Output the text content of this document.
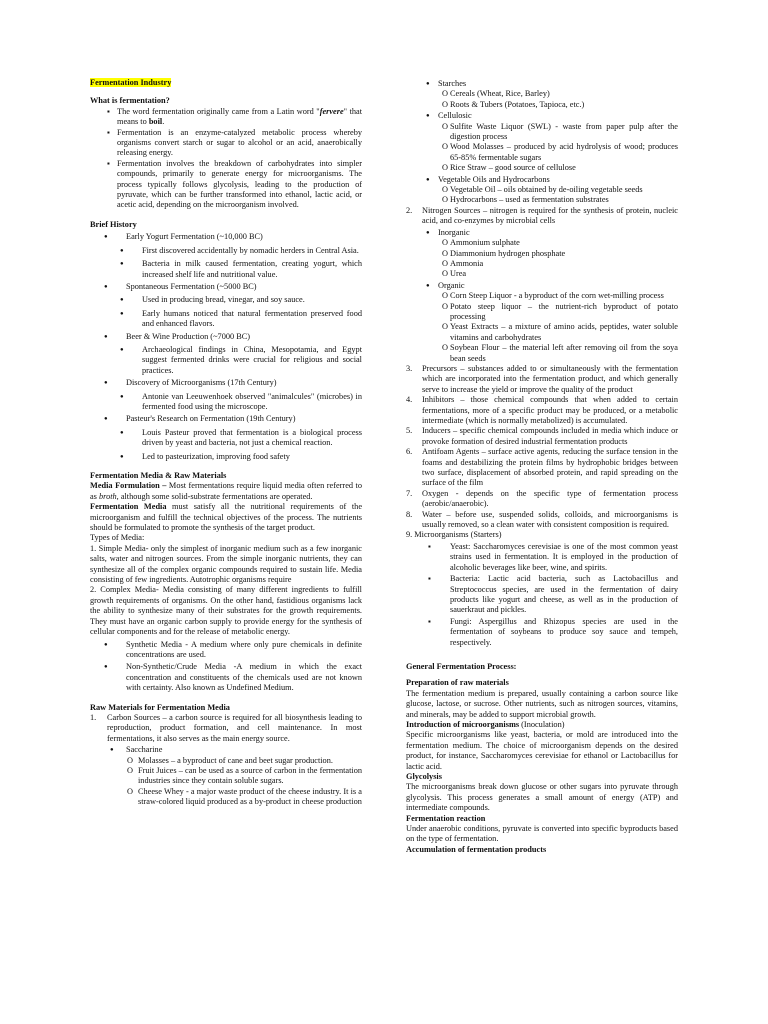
Fermentation Industry

What is fermentation?

▪ The word fermentation originally came from a Latin word "fervere" that means to boil.
▪ Fermentation is an enzyme-catalyzed metabolic process whereby organisms convert starch or sugar to alcohol or an acid, anaerobically releasing energy.
▪ Fermentation involves the breakdown of carbohydrates into simpler compounds, primarily to generate energy for microorganisms. The process typically follows glycolysis, leading to the production of pyruvate, which can be further transformed into ethanol, lactic acid, or acetic acid, depending on the microorganism involved.

Brief History

● Early Yogurt Fermentation (~10,000 BC)
● First discovered accidentally by nomadic herders in Central Asia.
● Bacteria in milk caused fermentation, creating yogurt, which increased shelf life and nutritional value.
● Spontaneous Fermentation (~5000 BC)
● Used in producing bread, vinegar, and soy sauce.
● Early humans noticed that natural fermentation preserved food and enhanced flavors.
● Beer & Wine Production (~7000 BC)
● Archaeological findings in China, Mesopotamia, and Egypt suggest fermented drinks were crucial for religious and social practices.
● Discovery of Microorganisms (17th Century)
● Antonie van Leeuwenhoek observed "animalcules" (microbes) in fermented food using the microscope.
● Pasteur's Research on Fermentation (19th Century)
● Louis Pasteur proved that fermentation is a biological process driven by yeast and bacteria, not just a chemical reaction.
● Led to pasteurization, improving food safety

Fermentation Media & Raw Materials

Media Formulation – Most fermentations require liquid media often referred to as broth, although some solid-substrate fermentations are operated.

Fermentation Media must satisfy all the nutritional requirements of the microorganism and fulfill the technical objectives of the process. The nutrients should be formulated to promote the synthesis of the target product.

Types of Media:

1. Simple Media- only the simplest of inorganic medium such as a few inorganic salts, water and nitrogen sources. From the simple inorganic nutrients, they can synthesize all of the complex organic compounds required to sustain life. Media consisting of few ingredients. Autotrophic organisms require

2. Complex Media- Media consisting of many different ingredients to fulfill growth requirements of organisms. On the other hand, fastidious organisms lack the ability to synthesize many of their substrates for the growth requirements. They must have an organic carbon supply to provide energy for the synthesis of cellular components and for the release of metabolic energy.

● Synthetic Media - A medium where only pure chemicals in definite concentrations are used.
● Non-Synthetic/Crude Media -A medium in which the exact concentration and constituents of the chemicals used are not known with certainty. Also known as Undefined Medium.

Raw Materials for Fermentation Media

1. Carbon Sources – a carbon source is required for all biosynthesis leading to reproduction, product formation, and cell maintenance. In most fermentations, it also serves as the main energy source.
● Saccharine
O Molasses – a byproduct of cane and beet sugar production.
O Fruit Juices – can be used as a source of carbon in the fermentation industries since they contain soluble sugars.
O Cheese Whey - a major waste product of the cheese industry. It is a straw-colored liquid produced as a by-product in cheese production
● Starches
O Cereals (Wheat, Rice, Barley)
O Roots & Tubers (Potatoes, Tapioca, etc.)
● Cellulosic
O Sulfite Waste Liquor (SWL) - waste from paper pulp after the digestion process
O Wood Molasses – produced by acid hydrolysis of wood; produces 65-85% fermentable sugars
O Rice Straw – good source of cellulose
● Vegetable Oils and Hydrocarbons
O Vegetable Oil – oils obtained by de-oiling vegetable seeds
O Hydrocarbons – used as fermentation substrates
2. Nitrogen Sources – nitrogen is required for the synthesis of protein, nucleic acid, and co-enzymes by microbial cells
● Inorganic
O Ammonium sulphate
O Diammonium hydrogen phosphate
O Ammonia
O Urea
● Organic
O Corn Steep Liquor - a byproduct of the corn wet-milling process
O Potato steep liquor – the nutrient-rich byproduct of potato processing
O Yeast Extracts – a mixture of amino acids, peptides, water soluble vitamins and carbohydrates
O Soybean Flour – the material left after removing oil from the soya bean seeds
3. Precursors – substances added to or simultaneously with the fermentation which are incorporated into the fermentation product, and which generally serve to increase the yield or improve the quality of the product
4. Inhibitors – those chemical compounds that when added to certain fermentations, more of a specific product may be produced, or a metabolic intermediate (which is normally metabolized) is accumulated.
5. Inducers – specific chemical compounds included in media which induce or provoke formation of desired industrial fermentation products
6. Antifoam Agents – surface active agents, reducing the surface tension in the foams and destabilizing the protein films by hydrophobic bridges between two surface, displacement of absorbed protein, and rapid spreading on the surface of the film
7. Oxygen - depends on the specific type of fermentation process (aerobic/anaerobic).
8. Water – before use, suspended solids, colloids, and microorganisms is usually removed, so a clean water with consistent composition is required.

9. Microorganisms (Starters)

▪ Yeast: Saccharomyces cerevisiae is one of the most common yeast strains used in fermentation. It is employed in the production of alcoholic beverages like beer, wine, and spirits.
▪ Bacteria: Lactic acid bacteria, such as Lactobacillus and Streptococcus species, are used in the fermentation of dairy products like yogurt and cheese, as well as in the production of sauerkraut and pickles.
▪ Fungi: Aspergillus and Rhizopus species are used in the fermentation of soybeans to produce soy sauce and tempeh, respectively.

General Fermentation Process:

Preparation of raw materials

The fermentation medium is prepared, usually containing a carbon source like glucose, lactose, or sucrose. Other nutrients, such as nitrogen sources, vitamins, and minerals, may be added to support microbial growth.

Introduction of microorganisms (Inoculation)

Specific microorganisms like yeast, bacteria, or mold are introduced into the fermentation medium. The choice of microorganism depends on the desired product, for instance, Saccharomyces cerevisiae for ethanol or Lactobacillus for lactic acid.

Glycolysis

The microorganisms break down glucose or other sugars into pyruvate through glycolysis. This process generates a small amount of energy (ATP) and intermediate compounds.

Fermentation reaction

Under anaerobic conditions, pyruvate is converted into specific byproducts based on the type of fermentation.

Accumulation of fermentation products
